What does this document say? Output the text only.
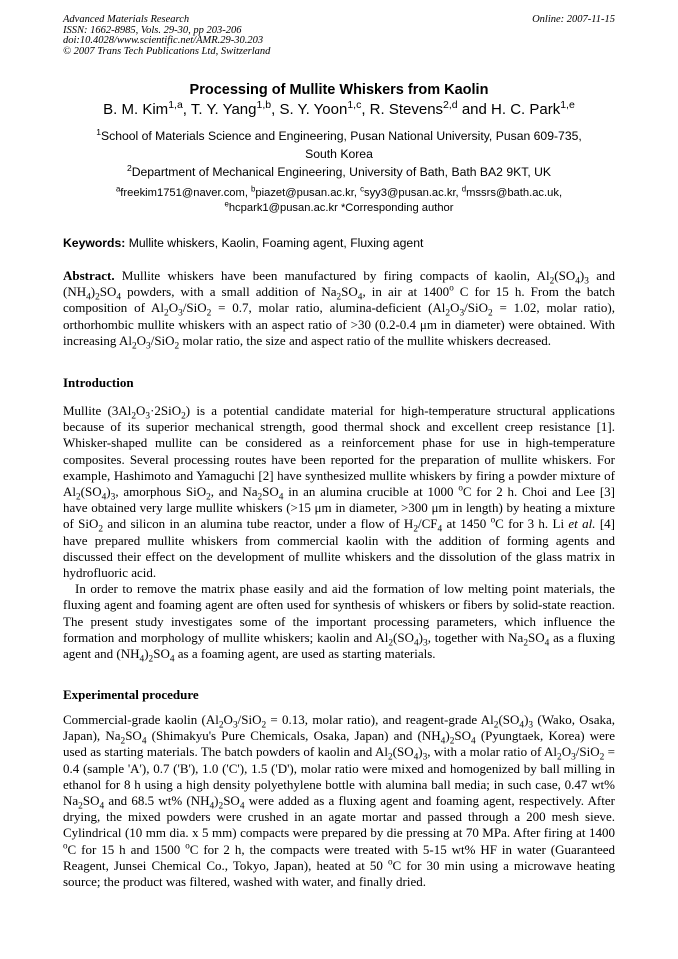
Advanced Materials Research
ISSN: 1662-8985, Vols. 29-30, pp 203-206
doi:10.4028/www.scientific.net/AMR.29-30.203
© 2007 Trans Tech Publications Ltd, Switzerland
Online: 2007-11-15
Processing of Mullite Whiskers from Kaolin
B. M. Kim$^{1,a}$, T. Y. Yang$^{1,b}$, S. Y. Yoon$^{1,c}$, R. Stevens$^{2,d}$ and H. C. Park$^{1,e}$
$^1$School of Materials Science and Engineering, Pusan National University, Pusan 609-735,
South Korea
$^2$Department of Mechanical Engineering, University of Bath, Bath BA2 9KT, UK
$^a$freekim1751@naver.com, $^b$piazet@pusan.ac.kr, $^c$syy3@pusan.ac.kr, $^d$mssrs@bath.ac.uk,
$^e$hcpark1@pusan.ac.kr *Corresponding author
Keywords: Mullite whiskers, Kaolin, Foaming agent, Fluxing agent

Abstract. Mullite whiskers have been manufactured by firing compacts of kaolin, $Al_2(SO_4)_3$ and $(NH_4)_2SO_4$ powders, with a small addition of $Na_2SO_4$, in air at 1400$^o$ C for 15 h. From the batch composition of $Al_2O_3/SiO_2 = 0.7$, molar ratio, alumina-deficient ($Al_2O_3/SiO_2 = 1.02$, molar ratio), orthorhombic mullite whiskers with an aspect ratio of >30 (0.2-0.4 μm in diameter) were obtained. With increasing $Al_2O_3/SiO_2$ molar ratio, the size and aspect ratio of the mullite whiskers decreased.

Introduction

Mullite $(3Al_2O_3\cdot 2SiO_2)$ is a potential candidate material for high-temperature structural applications because of its superior mechanical strength, good thermal shock and excellent creep resistance [1]. Whisker-shaped mullite can be considered as a reinforcement phase for use in high-temperature composites. Several processing routes have been reported for the preparation of mullite whiskers. For example, Hashimoto and Yamaguchi [2] have synthesized mullite whiskers by firing a powder mixture of $Al_2(SO_4)_3$, amorphous SiO$_2$, and $Na_2SO_4$ in an alumina crucible at 1000 $^o$C for 2 h. Choi and Lee [3] have obtained very large mullite whiskers (>15 μm in diameter, >300 μm in length) by heating a mixture of SiO$_2$ and silicon in an alumina tube reactor, under a flow of $H_2/CF_4$ at 1450 $^o$C for 3 h. Li et al. [4] have prepared mullite whiskers from commercial kaolin with the addition of forming agents and discussed their effect on the development of mullite whiskers and the dissolution of the glass matrix in hydrofluoric acid.

In order to remove the matrix phase easily and aid the formation of low melting point materials, the fluxing agent and foaming agent are often used for synthesis of whiskers or fibers by solid-state reaction. The present study investigates some of the important processing parameters, which influence the formation and morphology of mullite whiskers; kaolin and $Al_2(SO_4)_3$, together with $Na_2SO_4$ as a fluxing agent and $(NH_4)_2SO_4$ as a foaming agent, are used as starting materials.

Experimental procedure

Commercial-grade kaolin ($Al_2O_3/SiO_2 = 0.13$, molar ratio), and reagent-grade $Al_2(SO_4)_3$ (Wako, Osaka, Japan), $Na_2SO_4$ (Shimakyu's Pure Chemicals, Osaka, Japan) and $(NH_4)_2SO_4$ (Pyungtaek, Korea) were used as starting materials. The batch powders of kaolin and $Al_2(SO_4)_3$, with a molar ratio of $Al_2O_3/SiO_2 = 0.4$ (sample 'A'), 0.7 ('B'), 1.0 ('C'), 1.5 ('D'), molar ratio were mixed and homogenized by ball milling in ethanol for 8 h using a high density polyethylene bottle with alumina ball media; in such case, 0.47 wt% $Na_2SO_4$ and 68.5 wt% $(NH_4)_2SO_4$ were added as a fluxing agent and foaming agent, respectively. After drying, the mixed powders were crushed in an agate mortar and passed through a 200 mesh sieve. Cylindrical (10 mm dia. x 5 mm) compacts were prepared by die pressing at 70 MPa. After firing at 1400 $^o$C for 15 h and 1500 $^o$C for 2 h, the compacts were treated with 5-15 wt% HF in water (Guaranteed Reagent, Junsei Chemical Co., Tokyo, Japan), heated at 50 $^o$C for 30 min using a microwave heating source; the product was filtered, washed with water, and finally dried.
